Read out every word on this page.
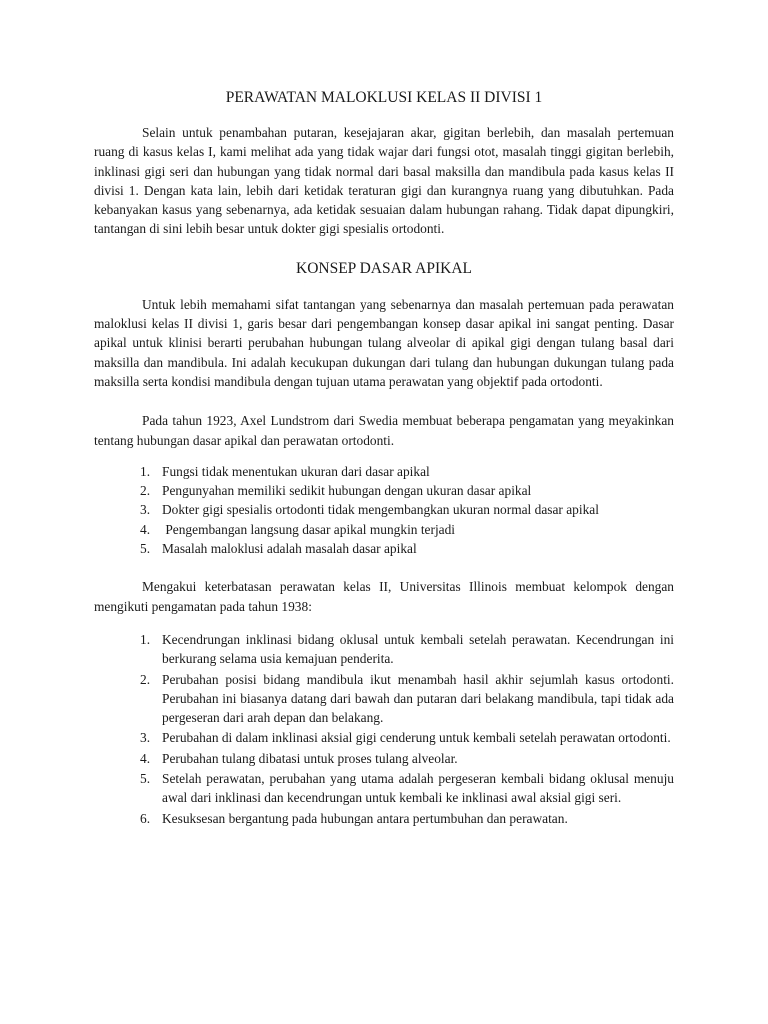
PERAWATAN MALOKLUSI KELAS II DIVISI 1

Selain untuk penambahan putaran, kesejajaran akar, gigitan berlebih, dan masalah pertemuan ruang di kasus kelas I, kami melihat ada yang tidak wajar dari fungsi otot, masalah tinggi gigitan berlebih, inklinasi gigi seri dan hubungan yang tidak normal dari basal maksilla dan mandibula pada kasus kelas II divisi 1. Dengan kata lain, lebih dari ketidak teraturan gigi dan kurangnya ruang yang dibutuhkan. Pada kebanyakan kasus yang sebenarnya, ada ketidak sesuaian dalam hubungan rahang. Tidak dapat dipungkiri, tantangan di sini lebih besar untuk dokter gigi spesialis ortodonti.

KONSEP DASAR APIKAL

Untuk lebih memahami sifat tantangan yang sebenarnya dan masalah pertemuan pada perawatan maloklusi kelas II divisi 1, garis besar dari pengembangan konsep dasar apikal ini sangat penting. Dasar apikal untuk klinisi berarti perubahan hubungan tulang alveolar di apikal gigi dengan tulang basal dari maksilla dan mandibula. Ini adalah kecukupan dukungan dari tulang dan hubungan dukungan tulang pada maksilla serta kondisi mandibula dengan tujuan utama perawatan yang objektif pada ortodonti.

Pada tahun 1923, Axel Lundstrom dari Swedia membuat beberapa pengamatan yang meyakinkan tentang hubungan dasar apikal dan perawatan ortodonti.

1. Fungsi tidak menentukan ukuran dari dasar apikal
2. Pengunyahan memiliki sedikit hubungan dengan ukuran dasar apikal
3. Dokter gigi spesialis ortodonti tidak mengembangkan ukuran normal dasar apikal
4. Pengembangan langsung dasar apikal mungkin terjadi
5. Masalah maloklusi adalah masalah dasar apikal

Mengakui keterbatasan perawatan kelas II, Universitas Illinois membuat kelompok dengan mengikuti pengamatan pada tahun 1938:

1. Kecendrungan inklinasi bidang oklusal untuk kembali setelah perawatan. Kecendrungan ini berkurang selama usia kemajuan penderita.
2. Perubahan posisi bidang mandibula ikut menambah hasil akhir sejumlah kasus ortodonti. Perubahan ini biasanya datang dari bawah dan putaran dari belakang mandibula, tapi tidak ada pergeseran dari arah depan dan belakang.
3. Perubahan di dalam inklinasi aksial gigi cenderung untuk kembali setelah perawatan ortodonti.
4. Perubahan tulang dibatasi untuk proses tulang alveolar.
5. Setelah perawatan, perubahan yang utama adalah pergeseran kembali bidang oklusal menuju awal dari inklinasi dan kecendrungan untuk kembali ke inklinasi awal aksial gigi seri.
6. Kesuksesan bergantung pada hubungan antara pertumbuhan dan perawatan.
